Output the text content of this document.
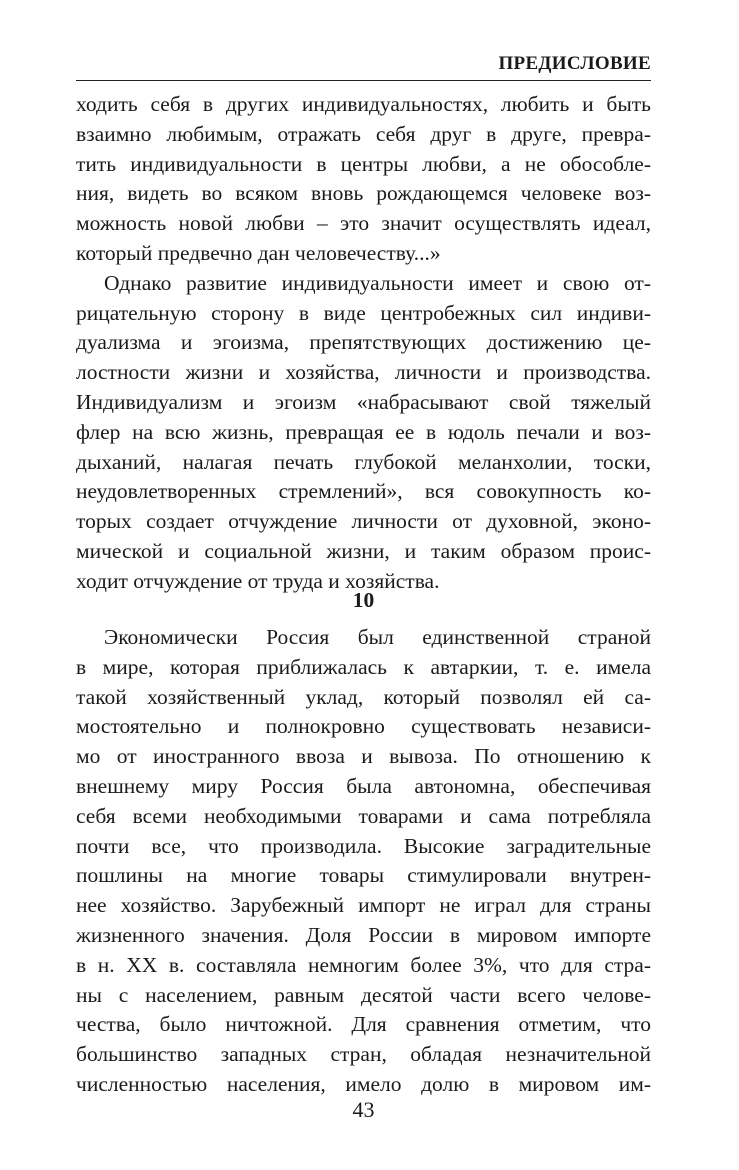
ПРЕДИСЛОВИЕ
ходить себя в других индивидуальностях, любить и быть
взаимно любимым, отражать себя друг в друге, превра-
тить индивидуальности в центры любви, а не обособле-
ния, видеть во всяком вновь рождающемся человеке воз-
можность новой любви – это значит осуществлять идеал,
который предвечно дан человечеству...»
Однако развитие индивидуальности имеет и свою от-
рицательную сторону в виде центробежных сил индиви-
дуализма и эгоизма, препятствующих достижению це-
лостности жизни и хозяйства, личности и производства.
Индивидуализм и эгоизм «набрасывают свой тяжелый
флер на всю жизнь, превращая ее в юдоль печали и воз-
дыханий, налагая печать глубокой меланхолии, тоски,
неудовлетворенных стремлений», вся совокупность ко-
торых создает отчуждение личности от духовной, эконо-
мической и социальной жизни, и таким образом проис-
ходит отчуждение от труда и хозяйства.
10
Экономически Россия был единственной страной
в мире, которая приближалась к автаркии, т. е. имела
такой хозяйственный уклад, который позволял ей са-
мостоятельно и полнокровно существовать независи-
мо от иностранного ввоза и вывоза. По отношению к
внешнему миру Россия была автономна, обеспечивая
себя всеми необходимыми товарами и сама потребляла
почти все, что производила. Высокие заградительные
пошлины на многие товары стимулировали внутрен-
нее хозяйство. Зарубежный импорт не играл для страны
жизненного значения. Доля России в мировом импорте
в н. XX в. составляла немногим более 3%, что для стра-
ны с населением, равным десятой части всего челове-
чества, было ничтожной. Для сравнения отметим, что
большинство западных стран, обладая незначительной
численностью населения, имело долю в мировом им-
43
